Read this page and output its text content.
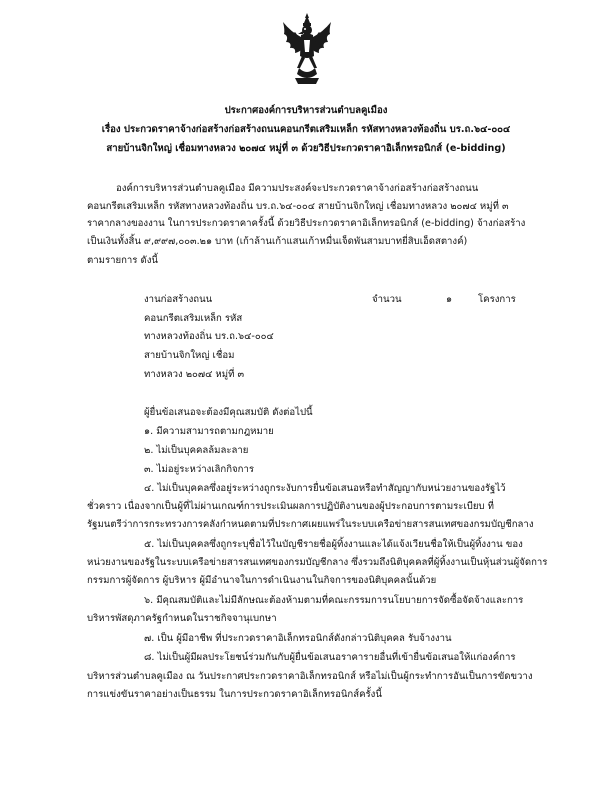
ประกาศองค์การบริหารส่วนตำบลคูเมือง
เรื่อง ประกวดราคาจ้างก่อสร้างก่อสร้างถนนคอนกรีตเสริมเหล็ก รหัสทางหลวงท้องถิ่น บร.ถ.๖๔-๐๐๔
สายบ้านจิกใหญ่ เชื่อมทางหลวง ๒๐๗๔ หมู่ที่ ๓ ด้วยวิธีประกวดราคาอิเล็กทรอนิกส์ (e-bidding)
องค์การบริหารส่วนตำบลคูเมือง มีความประสงค์จะประกวดราคาจ้างก่อสร้างก่อสร้างถนน
คอนกรีตเสริมเหล็ก รหัสทางหลวงท้องถิ่น บร.ถ.๖๔-๐๐๔ สายบ้านจิกใหญ่ เชื่อมทางหลวง ๒๐๗๔ หมู่ที่ ๓
ราคากลางของงาน ในการประกวดราคาครั้งนี้ ด้วยวิธีประกวดราคาอิเล็กทรอนิกส์ (e-bidding) จ้างก่อสร้าง
เป็นเงินทั้งสิ้น ๙,๙๙๗,๐๐๓.๒๑ บาท (เก้าล้านเก้าแสนเก้าหมื่นเจ็ดพันสามบาทยี่สิบเอ็ดสตางค์)
ตามรายการ ดังนี้
งานก่อสร้างถนน
คอนกรีตเสริมเหล็ก รหัส
ทางหลวงท้องถิ่น บร.ถ.๖๔-๐๐๔
สายบ้านจิกใหญ่ เชื่อม
ทางหลวง ๒๐๗๔ หมู่ที่ ๓
จำนวน	๑	โครงการ
ผู้ยื่นข้อเสนอจะต้องมีคุณสมบัติ ดังต่อไปนี้
๑. มีความสามารถตามกฎหมาย
๒. ไม่เป็นบุคคลล้มละลาย
๓. ไม่อยู่ระหว่างเลิกกิจการ
๔. ไม่เป็นบุคคลซึ่งอยู่ระหว่างถูกระงับการยื่นข้อเสนอหรือทำสัญญากับหน่วยงานของรัฐไว้
ชั่วคราว เนื่องจากเป็นผู้ที่ไม่ผ่านเกณฑ์การประเมินผลการปฏิบัติงานของผู้ประกอบการตามระเบียบ ที่
รัฐมนตรีว่าการกระทรวงการคลังกำหนดตามที่ประกาศเผยแพร่ในระบบเครือข่ายสารสนเทศของกรมบัญชีกลาง
๕. ไม่เป็นบุคคลซึ่งถูกระบุชื่อไว้ในบัญชีรายชื่อผู้ทิ้งงานและได้แจ้งเวียนชื่อให้เป็นผู้ทิ้งงาน ของ
หน่วยงานของรัฐในระบบเครือข่ายสารสนเทศของกรมบัญชีกลาง ซึ่งรวมถึงนิติบุคคลที่ผู้ทิ้งงานเป็นหุ้นส่วนผู้จัดการ
กรรมการผู้จัดการ ผู้บริหาร ผู้มีอำนาจในการดำเนินงานในกิจการของนิติบุคคลนั้นด้วย
๖. มีคุณสมบัติและไม่มีลักษณะต้องห้ามตามที่คณะกรรมการนโยบายการจัดซื้อจัดจ้างและการ
บริหารพัสดุภาครัฐกำหนดในราชกิจจานุเบกษา
๗. เป็น ผู้มีอาชีพ ที่ประกวดราคาอิเล็กทรอนิกส์ดังกล่าวนิติบุคคล รับจ้างงาน
๘. ไม่เป็นผู้มีผลประโยชน์ร่วมกันกับผู้ยื่นข้อเสนอราคารายอื่นที่เข้ายื่นข้อเสนอให้แก่องค์การ
บริหารส่วนตำบลคูเมือง ณ วันประกาศประกวดราคาอิเล็กทรอนิกส์ หรือไม่เป็นผู้กระทำการอันเป็นการขัดขวาง
การแข่งขันราคาอย่างเป็นธรรม ในการประกวดราคาอิเล็กทรอนิกส์ครั้งนี้
